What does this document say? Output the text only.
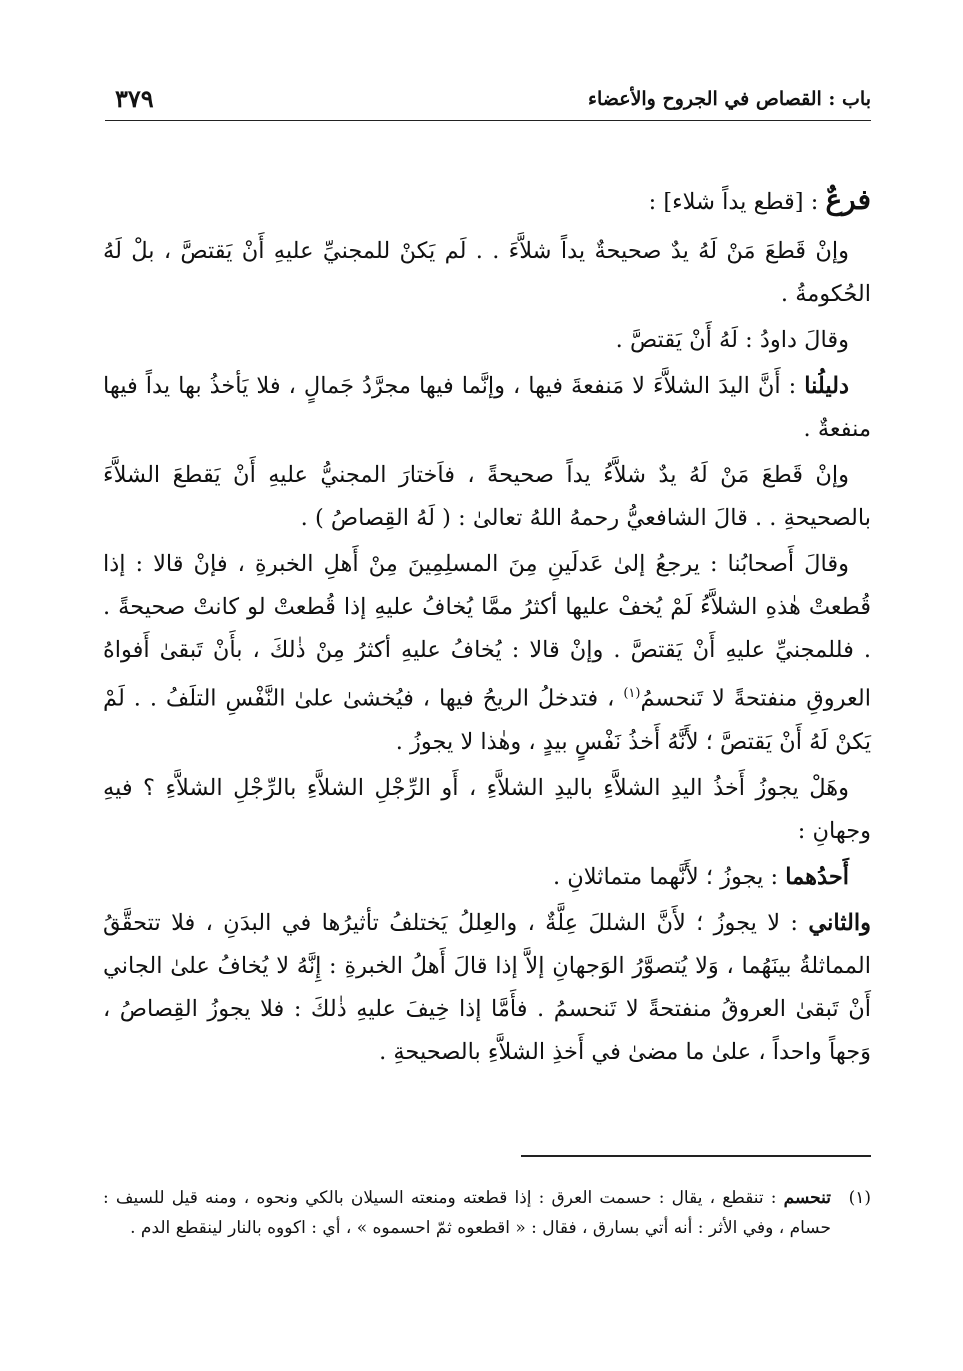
باب : القصاص في الجروح والأعضاء
٣٧٩

فرعٌ : [قطع يداً شلاء] :

وإنْ قَطعَ مَنْ لَهُ يدٌ صحيحةٌ يداً شلاَّءَ . . لَم يَكنْ للمجنيِّ عليهِ أَنْ يَقتصَّ ، بلْ لَهُ الحُكومةُ .

وقالَ داودُ : لَهُ أَنْ يَقتصَّ .

دليلُنا : أَنَّ اليدَ الشلاَّءَ لا مَنفعةَ فيها ، وإنَّما فيها مجرَّدُ جَمالٍ ، فلا يَأخذُ بها يداً فيها منفعةٌ .

وإنْ قَطعَ مَنْ لَهُ يدٌ شلاَّءُ يداً صحيحةً ، فاَختارَ المجنيُّ عليهِ أَنْ يَقطعَ الشلاَّءَ بالصحيحةِ . . قالَ الشافعيُّ رحمهُ اللهُ تعالىٰ : ( لَهُ القِصاصُ ) .

وقالَ أَصحابُنا : يرجعُ إلىٰ عَدلَينِ مِنَ المسلِمِينَ مِنْ أَهلِ الخبرةِ ، فإنْ قالا : إذا قُطعتْ هٰذهِ الشلاَّءُ لَمْ يُخفْ عليها أكثرُ ممَّا يُخافُ عليهِ إذا قُطعتْ لو كانتْ صحيحةً . . فللمجنيِّ عليهِ أَنْ يَقتصَّ . وإنْ قالا : يُخافُ عليهِ أكثرُ مِنْ ذٰلكَ ، بأَنْ تَبقىٰ أَفواهُ العروقِ منفتحةً لا تَنحسمُ$^{(١)}$ ، فتدخلُ الريحُ فيها ، فيُخشىٰ علىٰ النَّفْسِ التلَفُ . . لَمْ يَكنْ لَهُ أَنْ يَقتصَّ ؛ لأَنَّهُ أَخذُ نَفْسٍ بيدٍ ، وهٰذا لا يجوزُ .

وهَلْ يجوزُ أَخذُ اليدِ الشلاَّءِ باليدِ الشلاَّءِ ، أَو الرِّجْلِ الشلاَّءِ بالرِّجْلِ الشلاَّءِ ؟ فيهِ وجهانِ :

أَحدُهما : يجوزُ ؛ لأَنَّهما متماثلانِ .

والثاني : لا يجوزُ ؛ لأَنَّ الشللَ عِلَّةٌ ، والعِللُ يَختلفُ تأثيرُها في البدَنِ ، فلا تتحقَّقُ المماثلةُ بينَهُما ، وَلا يُتصوَّرُ الوَجهانِ إلاَّ إذا قالَ أَهلُ الخبرةِ : إِنَّهُ لا يُخافُ علىٰ الجاني أَنْ تَبقىٰ العروقُ منفتحةً لا تَنحسمُ . فأَمَّا إذا خِيفَ عليهِ ذٰلكَ : فلا يجوزُ القِصاصُ ، وَجهاً واحداً ، علىٰ ما مضىٰ في أَخذِ الشلاَّءِ بالصحيحةِ .

(١)
تنحسم : تنقطع ، يقال : حسمت العرق : إذا قطعته ومنعته السيلان بالكي ونحوه ، ومنه قيل للسيف : حسام ، وفي الأثر : أنه أتي بسارق ، فقال : « اقطعوه ثمّ احسموه » ، أي : اكووه بالنار لينقطع الدم .
